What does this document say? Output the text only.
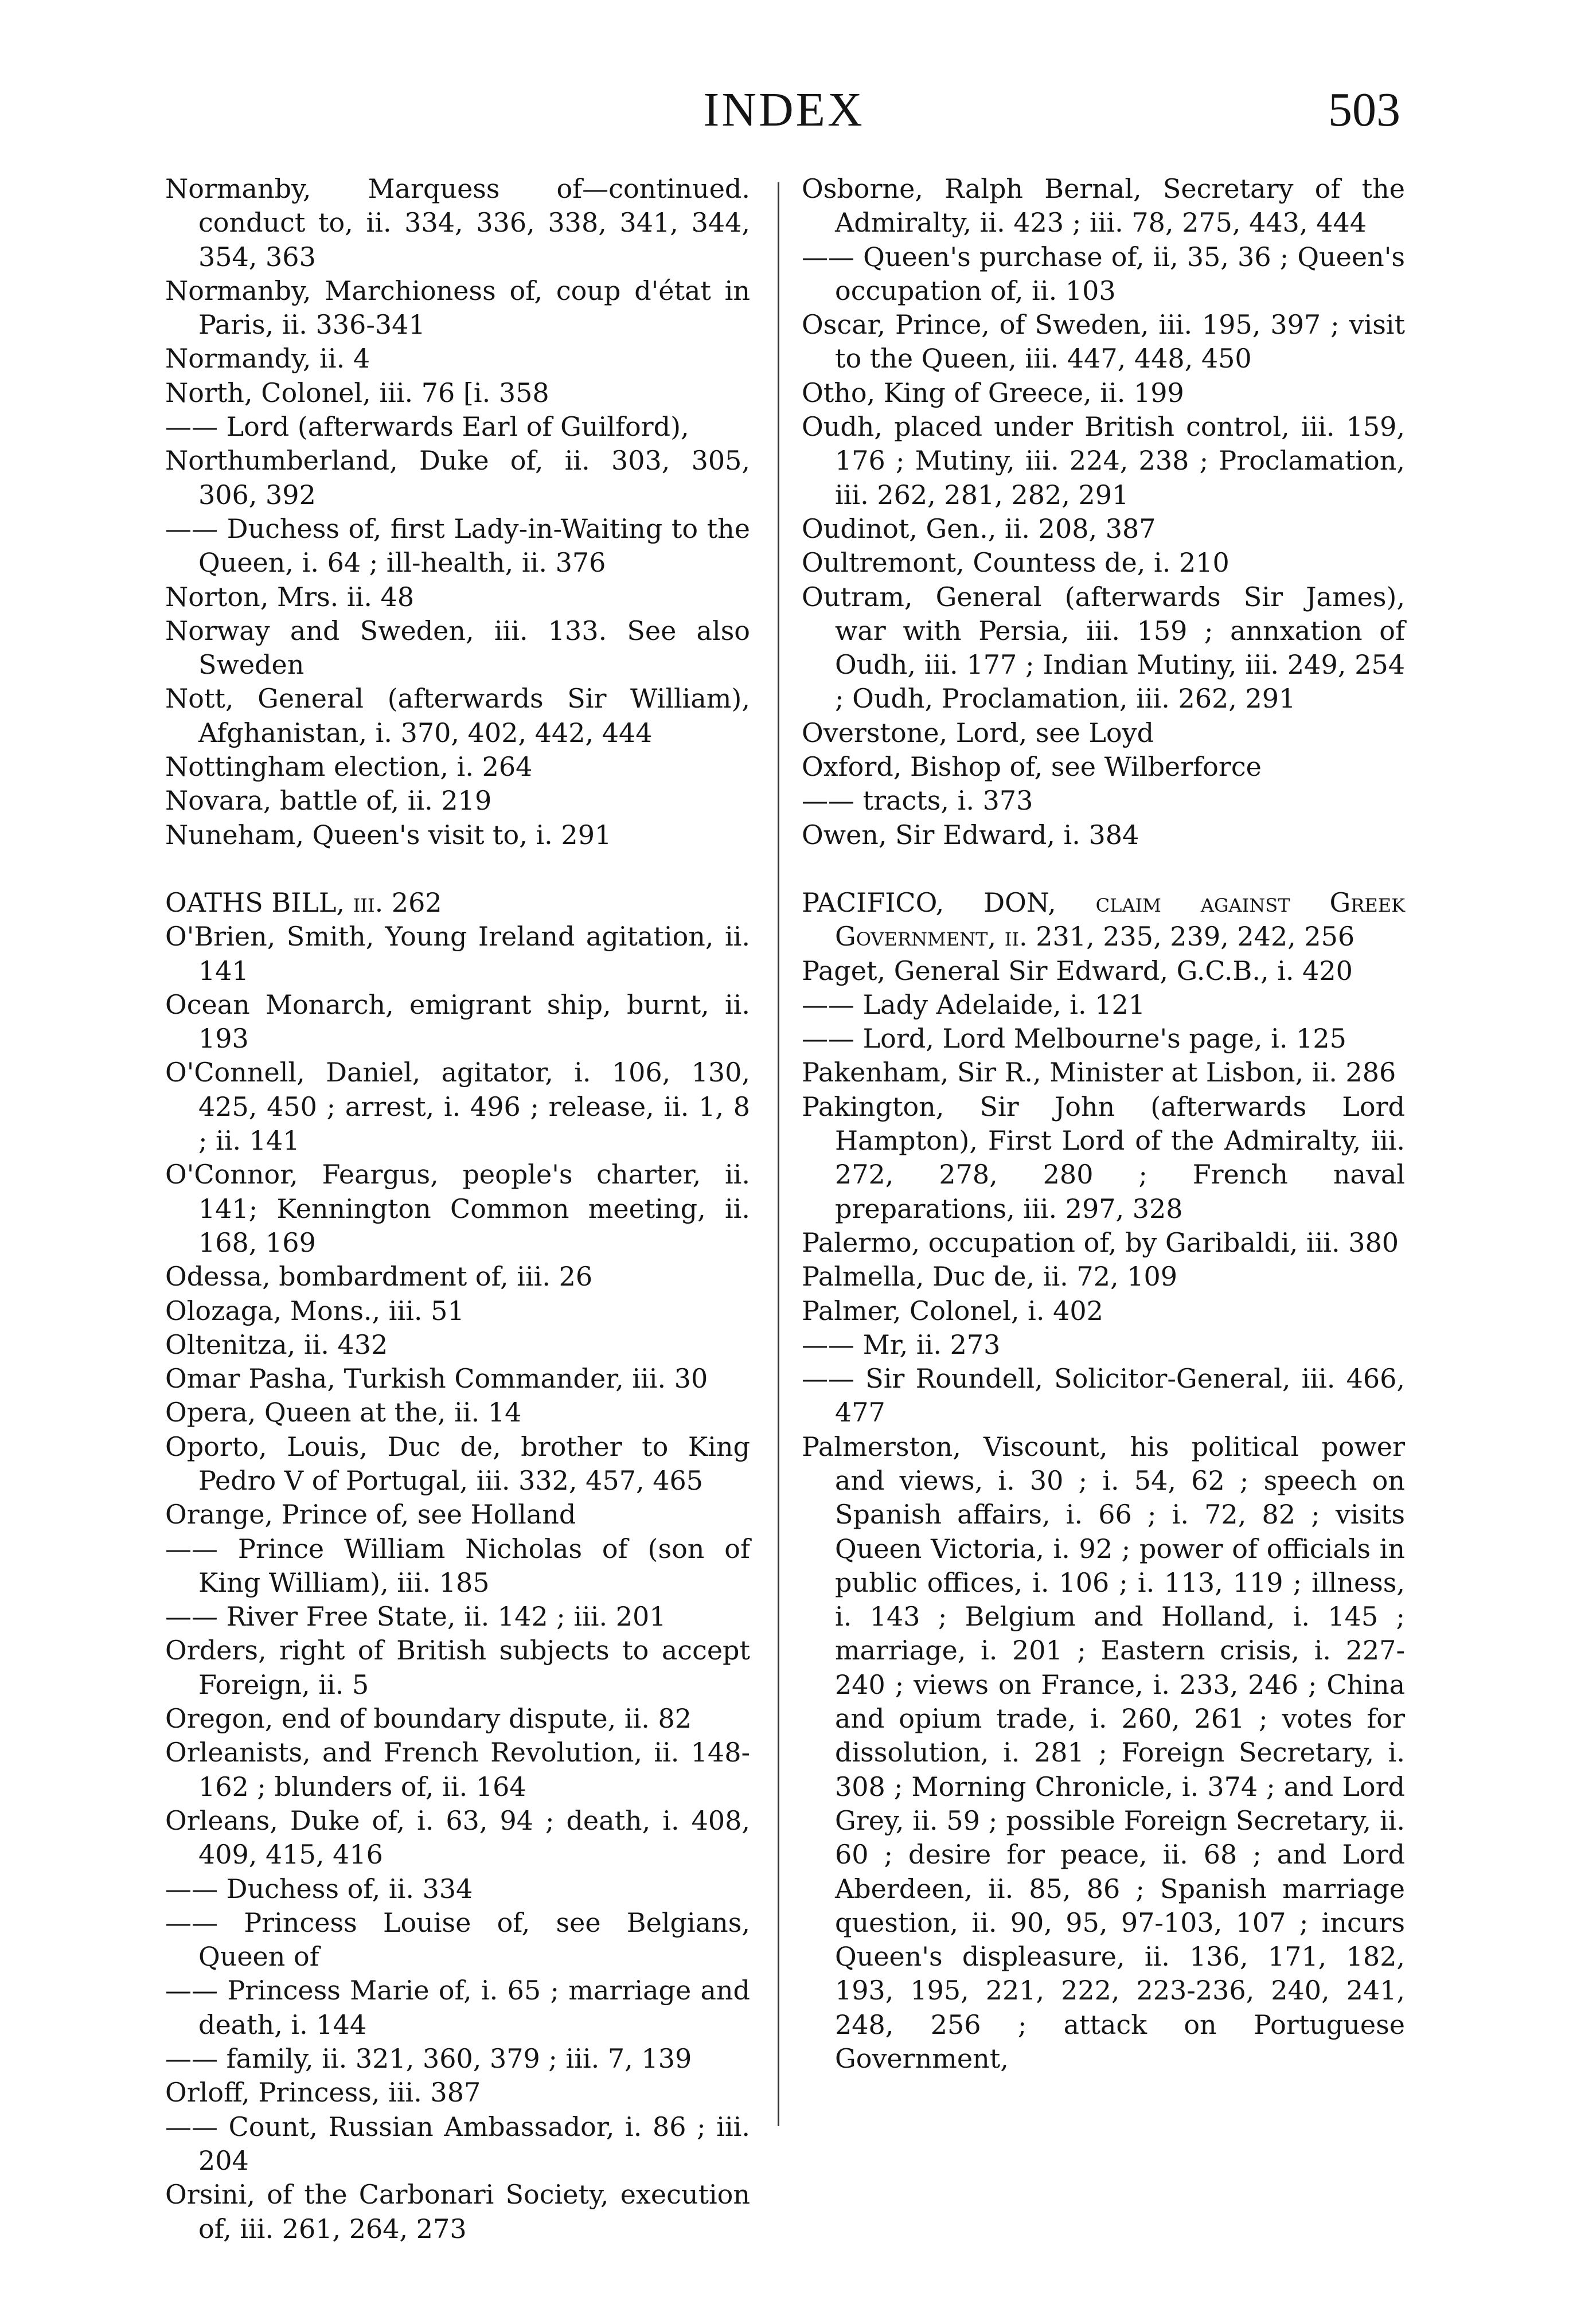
INDEX	503
Normanby, Marquess of—continued. conduct to, ii. 334, 336, 338, 341, 344, 354, 363
Normanby, Marchioness of, coup d'état in Paris, ii. 336-341
Normandy, ii. 4
North, Colonel, iii. 76 [i. 358
—— Lord (afterwards Earl of Guilford),
Northumberland, Duke of, ii. 303, 305, 306, 392
—— Duchess of, first Lady-in-Waiting to the Queen, i. 64 ; ill-health, ii. 376
Norton, Mrs. ii. 48
Norway and Sweden, iii. 133. See also Sweden
Nott, General (afterwards Sir William), Afghanistan, i. 370, 402, 442, 444
Nottingham election, i. 264
Novara, battle of, ii. 219
Nuneham, Queen's visit to, i. 291
OATHS BILL, iii. 262
O'Brien, Smith, Young Ireland agitation, ii. 141
Ocean Monarch, emigrant ship, burnt, ii. 193
O'Connell, Daniel, agitator, i. 106, 130, 425, 450 ; arrest, i. 496 ; release, ii. 1, 8 ; ii. 141
O'Connor, Feargus, people's charter, ii. 141; Kennington Common meeting, ii. 168, 169
Odessa, bombardment of, iii. 26
Olozaga, Mons., iii. 51
Oltenitza, ii. 432
Omar Pasha, Turkish Commander, iii. 30
Opera, Queen at the, ii. 14
Oporto, Louis, Duc de, brother to King Pedro V of Portugal, iii. 332, 457, 465
Orange, Prince of, see Holland
—— Prince William Nicholas of (son of King William), iii. 185
—— River Free State, ii. 142 ; iii. 201
Orders, right of British subjects to accept Foreign, ii. 5
Oregon, end of boundary dispute, ii. 82
Orleanists, and French Revolution, ii. 148-162 ; blunders of, ii. 164
Orleans, Duke of, i. 63, 94 ; death, i. 408, 409, 415, 416
—— Duchess of, ii. 334
—— Princess Louise of, see Belgians, Queen of
—— Princess Marie of, i. 65 ; marriage and death, i. 144
—— family, ii. 321, 360, 379 ; iii. 7, 139
Orloff, Princess, iii. 387
—— Count, Russian Ambassador, i. 86 ; iii. 204
Orsini, of the Carbonari Society, execution of, iii. 261, 264, 273
Osborne, Ralph Bernal, Secretary of the Admiralty, ii. 423 ; iii. 78, 275, 443, 444
—— Queen's purchase of, ii, 35, 36 ; Queen's occupation of, ii. 103
Oscar, Prince, of Sweden, iii. 195, 397 ; visit to the Queen, iii. 447, 448, 450
Otho, King of Greece, ii. 199
Oudh, placed under British control, iii. 159, 176 ; Mutiny, iii. 224, 238 ; Proclamation, iii. 262, 281, 282, 291
Oudinot, Gen., ii. 208, 387
Oultremont, Countess de, i. 210
Outram, General (afterwards Sir James), war with Persia, iii. 159 ; annxation of Oudh, iii. 177 ; Indian Mutiny, iii. 249, 254 ; Oudh, Proclamation, iii. 262, 291
Overstone, Lord, see Loyd
Oxford, Bishop of, see Wilberforce
—— tracts, i. 373
Owen, Sir Edward, i. 384
PACIFICO, DON, claim against Greek Government, ii. 231, 235, 239, 242, 256
Paget, General Sir Edward, G.C.B., i. 420
—— Lady Adelaide, i. 121
—— Lord, Lord Melbourne's page, i. 125
Pakenham, Sir R., Minister at Lisbon, ii. 286
Pakington, Sir John (afterwards Lord Hampton), First Lord of the Admiralty, iii. 272, 278, 280 ; French naval preparations, iii. 297, 328
Palermo, occupation of, by Garibaldi, iii. 380
Palmella, Duc de, ii. 72, 109
Palmer, Colonel, i. 402
—— Mr, ii. 273
—— Sir Roundell, Solicitor-General, iii. 466, 477
Palmerston, Viscount, his political power and views, i. 30 ; i. 54, 62 ; speech on Spanish affairs, i. 66 ; i. 72, 82 ; visits Queen Victoria, i. 92 ; power of officials in public offices, i. 106 ; i. 113, 119 ; illness, i. 143 ; Belgium and Holland, i. 145 ; marriage, i. 201 ; Eastern crisis, i. 227-240 ; views on France, i. 233, 246 ; China and opium trade, i. 260, 261 ; votes for dissolution, i. 281 ; Foreign Secretary, i. 308 ; Morning Chronicle, i. 374 ; and Lord Grey, ii. 59 ; possible Foreign Secretary, ii. 60 ; desire for peace, ii. 68 ; and Lord Aberdeen, ii. 85, 86 ; Spanish marriage question, ii. 90, 95, 97-103, 107 ; incurs Queen's displeasure, ii. 136, 171, 182, 193, 195, 221, 222, 223-236, 240, 241, 248, 256 ; attack on Portuguese Government,
